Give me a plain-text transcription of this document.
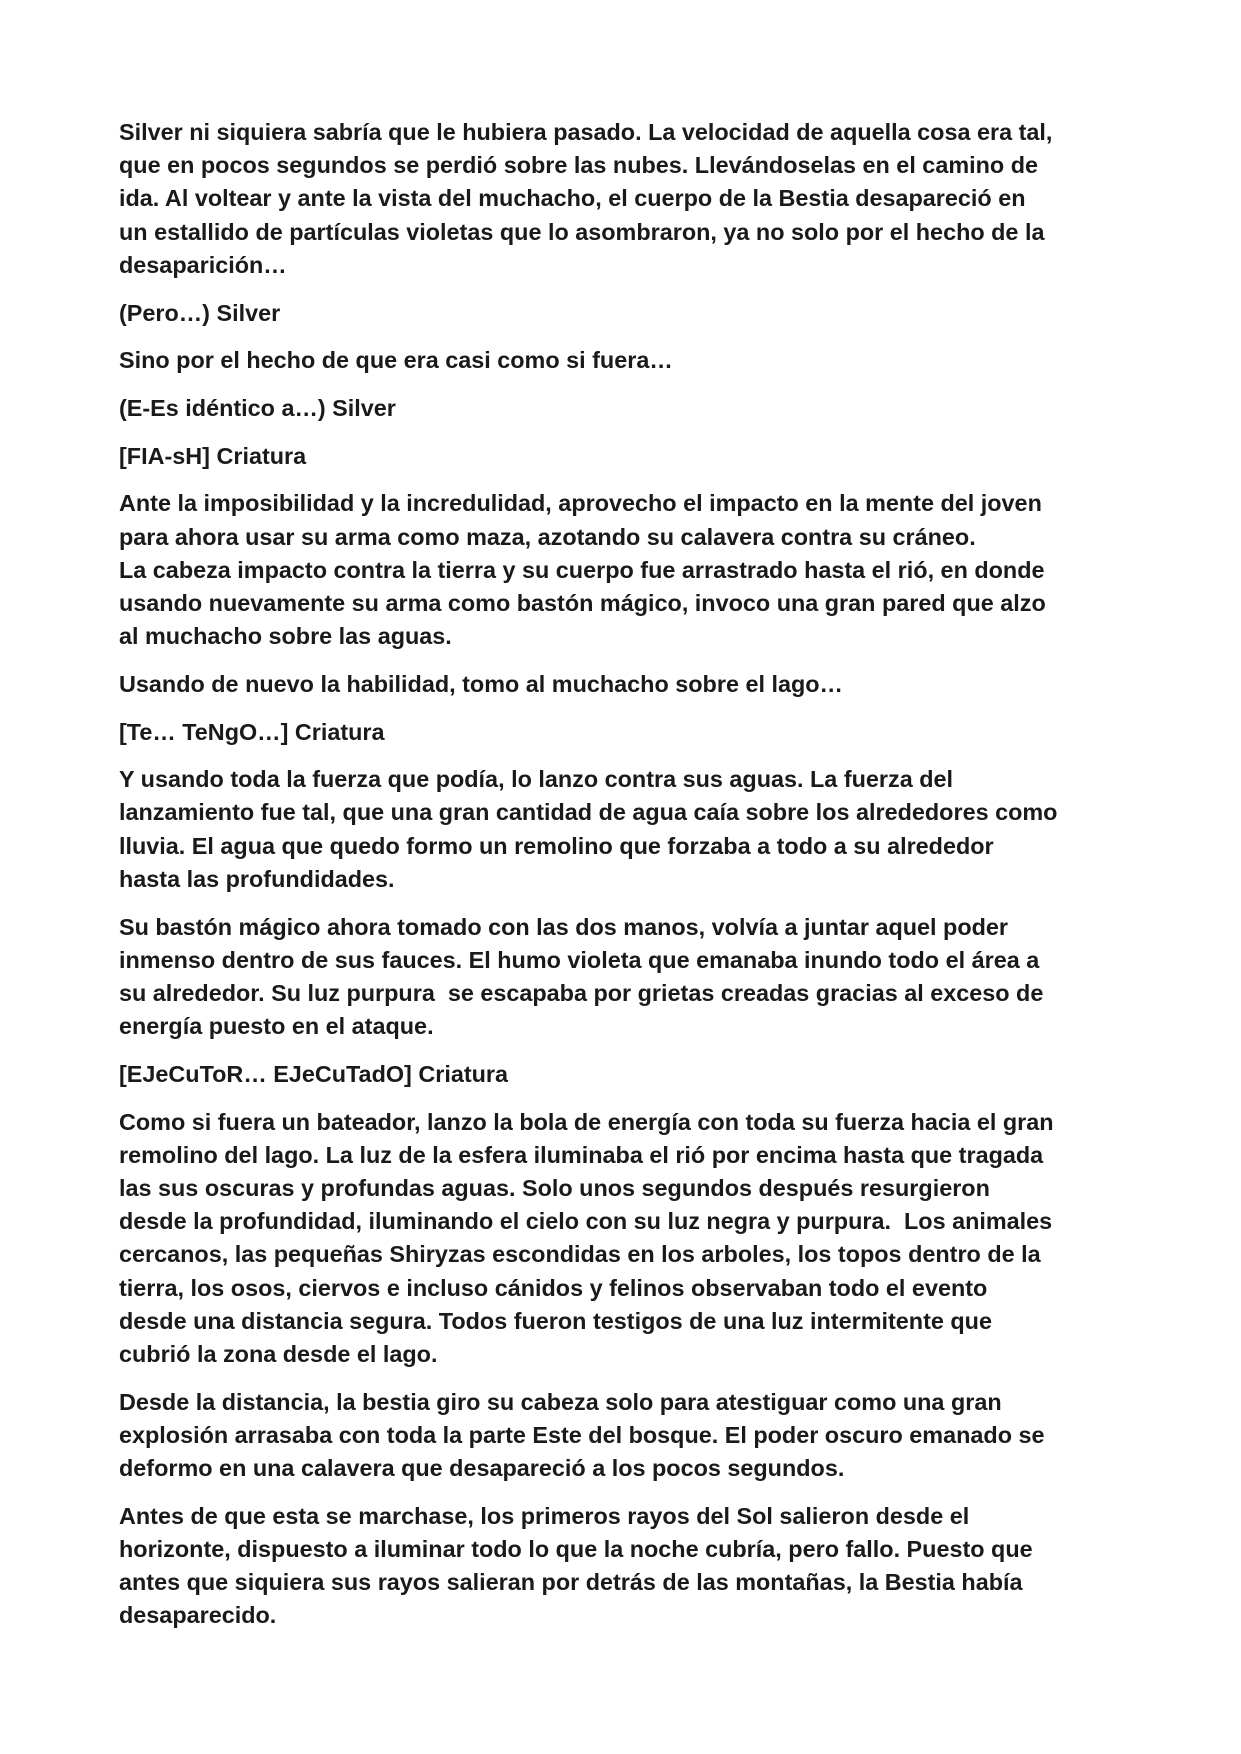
Silver ni siquiera sabría que le hubiera pasado. La velocidad de aquella cosa era tal,
que en pocos segundos se perdió sobre las nubes. Llevándoselas en el camino de
ida. Al voltear y ante la vista del muchacho, el cuerpo de la Bestia desapareció en
un estallido de partículas violetas que lo asombraron, ya no solo por el hecho de la
desaparición…

(Pero…) Silver

Sino por el hecho de que era casi como si fuera…

(E-Es idéntico a…) Silver

[FIA-sH] Criatura

Ante la imposibilidad y la incredulidad, aprovecho el impacto en la mente del joven
para ahora usar su arma como maza, azotando su calavera contra su cráneo.
La cabeza impacto contra la tierra y su cuerpo fue arrastrado hasta el rió, en donde
usando nuevamente su arma como bastón mágico, invoco una gran pared que alzo
al muchacho sobre las aguas.

Usando de nuevo la habilidad, tomo al muchacho sobre el lago…

[Te… TeNgO…] Criatura

Y usando toda la fuerza que podía, lo lanzo contra sus aguas. La fuerza del
lanzamiento fue tal, que una gran cantidad de agua caía sobre los alrededores como
lluvia. El agua que quedo formo un remolino que forzaba a todo a su alrededor
hasta las profundidades.

Su bastón mágico ahora tomado con las dos manos, volvía a juntar aquel poder
inmenso dentro de sus fauces. El humo violeta que emanaba inundo todo el área a
su alrededor. Su luz purpura  se escapaba por grietas creadas gracias al exceso de
energía puesto en el ataque.

[EJeCuToR… EJeCuTadO] Criatura

Como si fuera un bateador, lanzo la bola de energía con toda su fuerza hacia el gran
remolino del lago. La luz de la esfera iluminaba el rió por encima hasta que tragada
las sus oscuras y profundas aguas. Solo unos segundos después resurgieron
desde la profundidad, iluminando el cielo con su luz negra y purpura.  Los animales
cercanos, las pequeñas Shiryzas escondidas en los arboles, los topos dentro de la
tierra, los osos, ciervos e incluso cánidos y felinos observaban todo el evento
desde una distancia segura. Todos fueron testigos de una luz intermitente que
cubrió la zona desde el lago.

Desde la distancia, la bestia giro su cabeza solo para atestiguar como una gran
explosión arrasaba con toda la parte Este del bosque. El poder oscuro emanado se
deformo en una calavera que desapareció a los pocos segundos.

Antes de que esta se marchase, los primeros rayos del Sol salieron desde el
horizonte, dispuesto a iluminar todo lo que la noche cubría, pero fallo. Puesto que
antes que siquiera sus rayos salieran por detrás de las montañas, la Bestia había
desaparecido.
